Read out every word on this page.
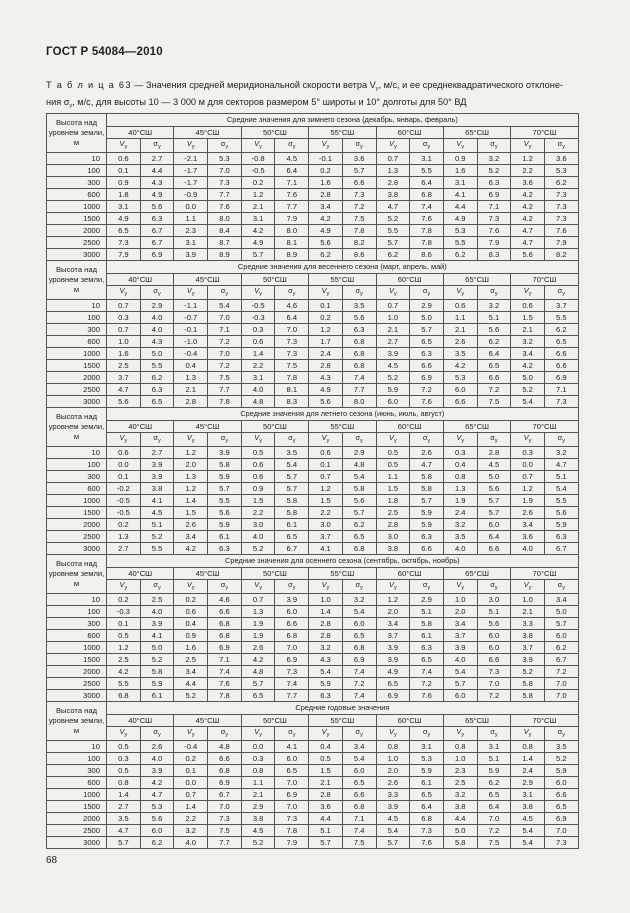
ГОСТ Р 54084—2010
Т а б л и ц а 63 — Значения средней меридиональной скорости ветра $V_y$, м/с, и ее среднеквадратического отклоне-
ния $\sigma_y$, м/с, для высоты 10 — 3 000 м для секторов размером 5° широты и 10° долготы для 50° ВД
Высота над уровнем земли, м	Средние значения для зимнего сезона (декабрь, январь, февраль)													
	40°СШ		45°СШ		50°СШ		55°СШ		60°СШ		65°СШ		70°СШ	
	$V_y$	$\sigma_y$	$V_y$	$\sigma_y$	$V_y$	$\sigma_y$	$V_y$	$\sigma_y$	$V_y$	$\sigma_y$	$V_y$	$\sigma_y$	$V_y$	$\sigma_y$
10	0.6	2.7	-2.1	5.3	-0.8	4.5	-0.1	3.6	0.7	3.1	0.9	3.2	1.2	3.6
100	0.1	4.4	-1.7	7.0	-0.5	6.4	0.2	5.7	1.3	5.5	1.6	5.2	2.2	5.3
300	0.9	4.3	-1.7	7.3	0.2	7.1	1.6	6.6	2.8	6.4	3.1	6.3	3.6	6.2
600	1.8	4.9	-0.9	7.7	1.2	7.6	2.8	7.3	3.8	6.8	4.1	6.9	4.2	7.3
1000	3.1	5.6	0.0	7.6	2.1	7.7	3.4	7.2	4.7	7.4	4.4	7.1	4.2	7.3
1500	4.9	6.3	1.1	8.0	3.1	7.9	4.2	7.5	5.2	7.6	4.9	7.3	4.2	7.3
2000	6.5	6.7	2.3	8.4	4.2	8.0	4.9	7.8	5.5	7.8	5.3	7.6	4.7	7.6
2500	7.3	6.7	3.1	8.7	4.9	8.1	5.6	8.2	5.7	7.8	5.5	7.9	4.7	7.9
3000	7.9	6.9	3.9	8.9	5.7	8.9	6.2	8.6	6.2	8.6	6.2	8.3	5.6	8.2
Высота над уровнем земли, м	Средние значения для весеннего сезона (март, апрель, май)													
	40°СШ		45°СШ		50°СШ		55°СШ		60°СШ		65°СШ		70°СШ	
	$V_y$	$\sigma_y$	$V_y$	$\sigma_y$	$V_y$	$\sigma_y$	$V_y$	$\sigma_y$	$V_y$	$\sigma_y$	$V_y$	$\sigma_y$	$V_y$	$\sigma_y$
10	0.7	2.9	-1.1	5.4	-0.5	4.6	0.1	3.5	0.7	2.9	0.6	3.2	0.6	3.7
100	0.3	4.0	-0.7	7.0	-0.3	6.4	0.2	5.6	1.0	5.0	1.1	5.1	1.5	5.5
300	0.7	4.0	-0.1	7.1	0.3	7.0	1.2	6.3	2.1	5.7	2.1	5.6	2.1	6.2
600	1.0	4.3	-1.0	7.2	0.6	7.3	1.7	6.8	2.7	6.5	2.6	6.2	3.2	6.5
1000	1.6	5.0	-0.4	7.0	1.4	7.3	2.4	6.8	3.9	6.3	3.5	6.4	3.4	6.6
1500	2.5	5.5	0.4	7.2	2.2	7.5	2.8	6.8	4.5	6.6	4.2	6.5	4.2	6.6
2000	3.7	6.2	1.3	7.5	3.1	7.8	4.3	7.4	5.2	6.9	5.3	6.6	5.0	6.9
2500	4.7	6.3	2.1	7.7	4.0	8.1	4.9	7.7	5.9	7.2	6.0	7.2	5.2	7.1
3000	5.6	6.5	2.8	7.8	4.8	8.3	5.6	8.0	6.0	7.6	6.6	7.5	5.4	7.3
Высота над уровнем земли, м	Средние значения для летнего сезона (июнь, июль, август)													
	40°СШ		45°СШ		50°СШ		55°СШ		60°СШ		65°СШ		70°СШ	
	$V_y$	$\sigma_y$	$V_y$	$\sigma_y$	$V_y$	$\sigma_y$	$V_y$	$\sigma_y$	$V_y$	$\sigma_y$	$V_y$	$\sigma_y$	$V_y$	$\sigma_y$
10	0.6	2.7	1.2	3.9	0.5	3.5	0.6	2.9	0.5	2.6	0.3	2.8	0.3	3.2
100	0.0	3.9	2.0	5.8	0.6	5.4	0.1	4.8	0.5	4.7	0.4	4.5	0.0	4.7
300	0.1	3.9	1.3	5.9	0.6	5.7	0.7	5.4	1.1	5.8	0.8	5.0	0.7	5.1
600	-0.2	3.8	1.2	5.7	0.9	5.7	1.2	5.8	1.5	5.8	1.3	5.6	1.2	5.4
1000	-0.5	4.1	1.4	5.5	1.5	5.8	1.5	5.6	1.8	5.7	1.9	5.7	1.9	5.5
1500	-0.5	4.5	1.5	5.6	2.2	5.8	2.2	5.7	2.5	5.9	2.4	5.7	2.6	5.6
2000	0.2	5.1	2.6	5.9	3.0	6.1	3.0	6.2	2.8	5.9	3.2	6.0	3.4	5.9
2500	1.3	5.2	3.4	6.1	4.0	6.5	3.7	6.5	3.0	6.3	3.5	6.4	3.6	6.3
3000	2.7	5.5	4.2	6.3	5.2	6.7	4.1	6.8	3.8	6.6	4.0	6.6	4.0	6.7
Высота над уровнем земли, м	Средние значения для осеннего сезона (сентябрь, октябрь, ноябрь)													
	40°СШ		45°СШ		50°СШ		55°СШ		60°СШ		65°СШ		70°СШ	
	$V_y$	$\sigma_y$	$V_y$	$\sigma_y$	$V_y$	$\sigma_y$	$V_y$	$\sigma_y$	$V_y$	$\sigma_y$	$V_y$	$\sigma_y$	$V_y$	$\sigma_y$
10	0.2	2.5	0.2	4.6	0.7	3.9	1.0	3.2	1.2	2.9	1.0	3.0	1.0	3.4
100	-0.3	4.0	0.6	6.6	1.3	6.0	1.4	5.4	2.0	5.1	2.0	5.1	2.1	5.0
300	0.1	3.9	0.4	6.8	1.9	6.6	2.8	6.0	3.4	5.8	3.4	5.6	3.3	5.7
600	0.5	4.1	0.9	6.8	1.9	6.8	2.8	6.5	3.7	6.1	3.7	6.0	3.8	6.0
1000	1.2	5.0	1.6	6.9	2.6	7.0	3.2	6.8	3.9	6.3	3.9	6.0	3.7	6.2
1500	2.5	5.2	2.5	7.1	4.2	6.9	4.3	6.9	3.9	6.5	4.0	6.6	3.9	6.7
2000	4.2	5.8	3.4	7.4	4.8	7.3	5.4	7.4	4.9	7.4	5.4	7.3	5.2	7.2
2500	5.5	5.9	4.4	7.6	5.7	7.4	5.9	7.2	6.5	7.2	5.7	7.0	5.8	7.0
3000	6.8	6.1	5.2	7.8	6.5	7.7	6.3	7.4	6.9	7.6	6.0	7.2	5.8	7.0
Высота над уровнем земли, м	Средние годовые значения													
	40°СШ		45°СШ		50°СШ		55°СШ		60°СШ		65°СШ		70°СШ	
	$V_y$	$\sigma_y$	$V_y$	$\sigma_y$	$V_y$	$\sigma_y$	$V_y$	$\sigma_y$	$V_y$	$\sigma_y$	$V_y$	$\sigma_y$	$V_y$	$\sigma_y$
10	0.5	2.6	-0.4	4.8	0.0	4.1	0.4	3.4	0.8	3.1	0.8	3.1	0.8	3.5
100	0.3	4.0	0.2	6.6	0.3	6.0	0.5	5.4	1.0	5.3	1.0	5.1	1.4	5.2
300	0.5	3.9	0.1	6.8	0.8	6.5	1.5	6.0	2.0	5.9	2.3	5.9	2.4	5.9
600	0.8	4.2	0.0	6.9	1.1	7.0	2.1	6.5	2.6	6.1	2.5	6.2	2.9	6.0
1000	1.4	4.7	0.7	6.7	2.1	6.9	2.8	6.6	3.3	6.5	3.2	6.5	3.1	6.6
1500	2.7	5.3	1.4	7.0	2.9	7.0	3.6	6.8	3.9	6.4	3.8	6.4	3.8	6.5
2000	3.5	5.6	2.2	7.3	3.8	7.3	4.4	7.1	4.5	6.8	4.4	7.0	4.5	6.9
2500	4.7	6.0	3.2	7.5	4.5	7.8	5.1	7.4	5.4	7.3	5.0	7.2	5.4	7.0
3000	5.7	6.2	4.0	7.7	5.2	7.9	5.7	7.5	5.7	7.6	5.8	7.5	5.4	7.3
68
